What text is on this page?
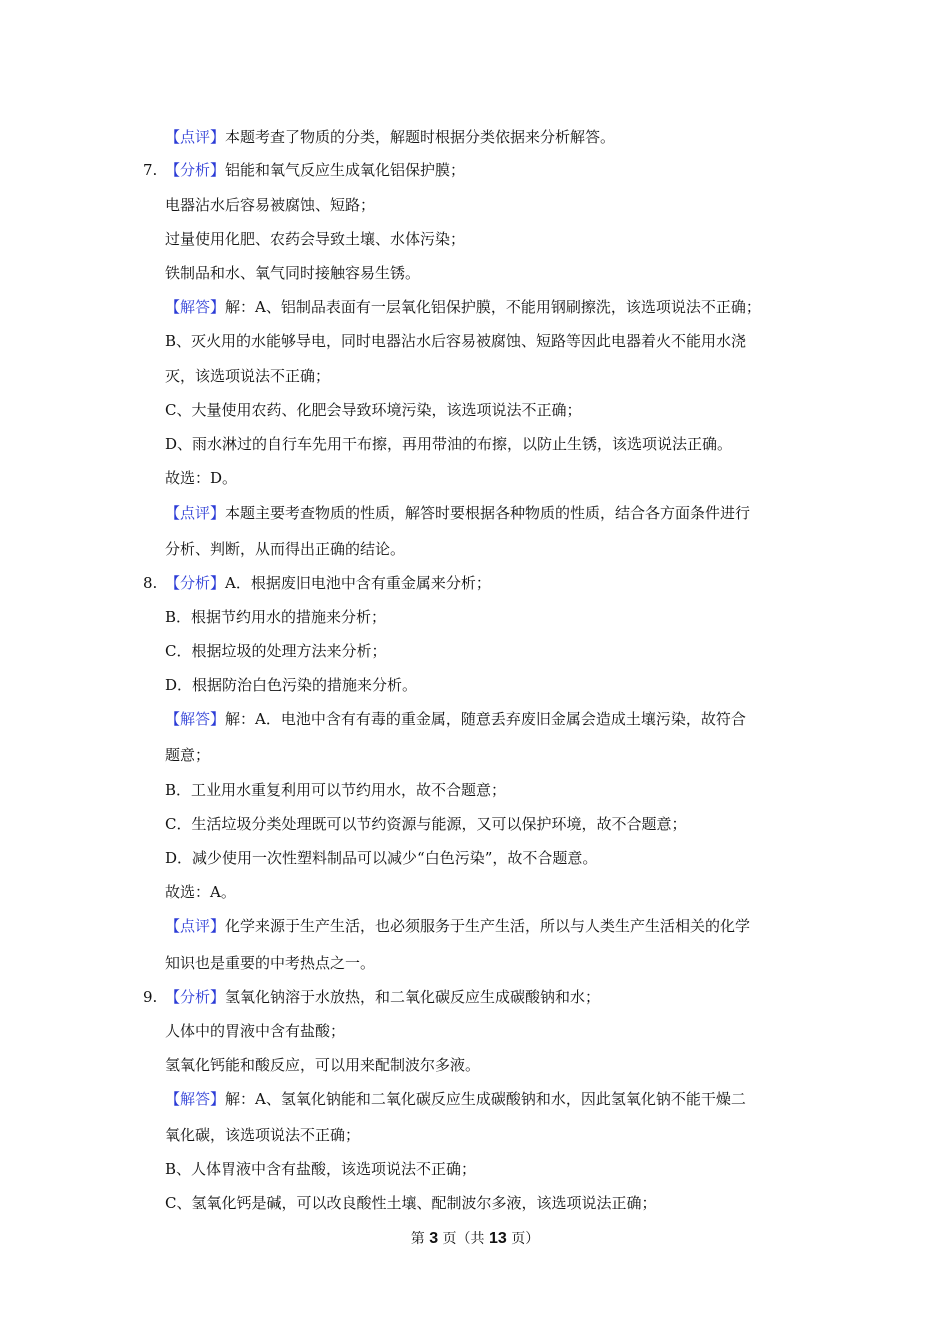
【点评】本题考查了物质的分类，解题时根据分类依据来分析解答。
7. 【分析】铝能和氧气反应生成氧化铝保护膜；
电器沾水后容易被腐蚀、短路；
过量使用化肥、农药会导致土壤、水体污染；
铁制品和水、氧气同时接触容易生锈。
【解答】解：A、铝制品表面有一层氧化铝保护膜，不能用钢刷擦洗，该选项说法不正确；
B、灭火用的水能够导电，同时电器沾水后容易被腐蚀、短路等因此电器着火不能用水浇
灭，该选项说法不正确；
C、大量使用农药、化肥会导致环境污染，该选项说法不正确；
D、雨水淋过的自行车先用干布擦，再用带油的布擦，以防止生锈，该选项说法正确。
故选：D。
【点评】本题主要考查物质的性质，解答时要根据各种物质的性质，结合各方面条件进行
分析、判断，从而得出正确的结论。
8. 【分析】A．根据废旧电池中含有重金属来分析；
B．根据节约用水的措施来分析；
C．根据垃圾的处理方法来分析；
D．根据防治白色污染的措施来分析。
【解答】解：A．电池中含有有毒的重金属，随意丢弃废旧金属会造成土壤污染，故符合
题意；
B．工业用水重复利用可以节约用水，故不合题意；
C．生活垃圾分类处理既可以节约资源与能源，又可以保护环境，故不合题意；
D．减少使用一次性塑料制品可以减少“白色污染”，故不合题意。
故选：A。
【点评】化学来源于生产生活，也必须服务于生产生活，所以与人类生产生活相关的化学
知识也是重要的中考热点之一。
9. 【分析】氢氧化钠溶于水放热，和二氧化碳反应生成碳酸钠和水；
人体中的胃液中含有盐酸；
氢氧化钙能和酸反应，可以用来配制波尔多液。
【解答】解：A、氢氧化钠能和二氧化碳反应生成碳酸钠和水，因此氢氧化钠不能干燥二
氧化碳，该选项说法不正确；
B、人体胃液中含有盐酸，该选项说法不正确；
C、氢氧化钙是碱，可以改良酸性土壤、配制波尔多液，该选项说法正确；
第 3 页（共 13 页）
